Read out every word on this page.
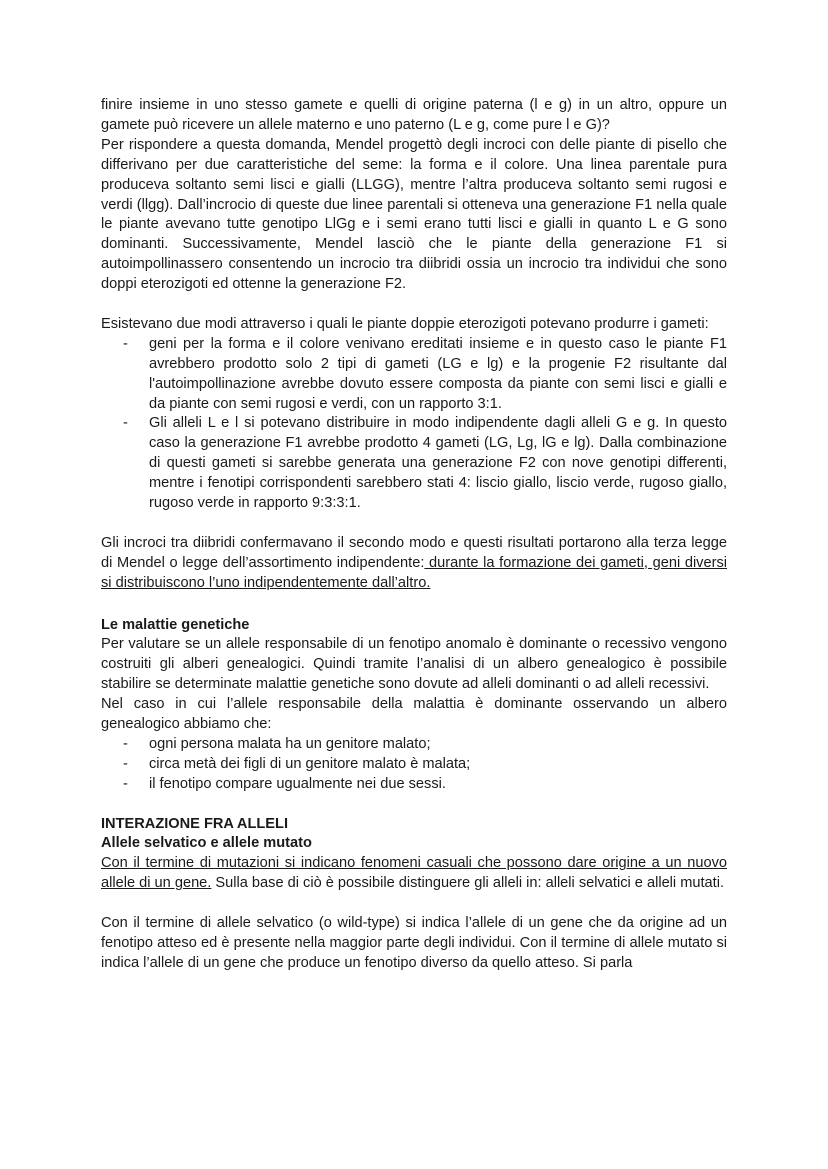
finire insieme in uno stesso gamete e quelli di origine paterna (l e g) in un altro, oppure un gamete può ricevere un allele materno e uno paterno (L e g, come pure l e G)?

Per rispondere a questa domanda, Mendel progettò degli incroci con delle piante di pisello che differivano per due caratteristiche del seme: la forma e il colore. Una linea parentale pura produceva soltanto semi lisci e gialli (LLGG), mentre l’altra produceva soltanto semi rugosi e verdi (llgg). Dall’incrocio di queste due linee parentali si otteneva una generazione F1 nella quale le piante avevano tutte genotipo LlGg e i semi erano tutti lisci e gialli in quanto L e G sono dominanti. Successivamente, Mendel lasciò che le piante della generazione F1 si autoimpollinassero consentendo un incrocio tra diibridi ossia un incrocio tra individui che sono doppi eterozigoti ed ottenne la generazione F2.

Esistevano due modi attraverso i quali le piante doppie eterozigoti potevano produrre i gameti:

- geni per la forma e il colore venivano ereditati insieme e in questo caso le piante F1 avrebbero prodotto solo 2 tipi di gameti (LG e lg) e la progenie F2 risultante dal l'autoimpollinazione avrebbe dovuto essere composta da piante con semi lisci e gialli e da piante con semi rugosi e verdi, con un rapporto 3:1.
- Gli alleli L e l si potevano distribuire in modo indipendente dagli alleli G e g. In questo caso la generazione F1 avrebbe prodotto 4 gameti (LG, Lg, lG e lg). Dalla combinazione di questi gameti si sarebbe generata una generazione F2 con nove genotipi differenti, mentre i fenotipi corrispondenti sarebbero stati 4: liscio giallo, liscio verde, rugoso giallo, rugoso verde in rapporto 9:3:3:1.

Gli incroci tra diibridi confermavano il secondo modo e questi risultati portarono alla terza legge di Mendel o legge dell’assortimento indipendente: durante la formazione dei gameti, geni diversi si distribuiscono l’uno indipendentemente dall’altro.

Le malattie genetiche

Per valutare se un allele responsabile di un fenotipo anomalo è dominante o recessivo vengono costruiti gli alberi genealogici. Quindi tramite l’analisi di un albero genealogico è possibile stabilire se determinate malattie genetiche sono dovute ad alleli dominanti o ad alleli recessivi.

Nel caso in cui l’allele responsabile della malattia è dominante osservando un albero genealogico abbiamo che:

- ogni persona malata ha un genitore malato;
- circa metà dei figli di un genitore malato è malata;
- il fenotipo compare ugualmente nei due sessi.

INTERAZIONE FRA ALLELI

Allele selvatico e allele mutato

Con il termine di mutazioni si indicano fenomeni casuali che possono dare origine a un nuovo allele di un gene. Sulla base di ciò è possibile distinguere gli alleli in: alleli selvatici e alleli mutati.

Con il termine di allele selvatico (o wild-type) si indica l’allele di un gene che da origine ad un fenotipo atteso ed è presente nella maggior parte degli individui. Con il termine di allele mutato si indica l’allele di un gene che produce un fenotipo diverso da quello atteso. Si parla
